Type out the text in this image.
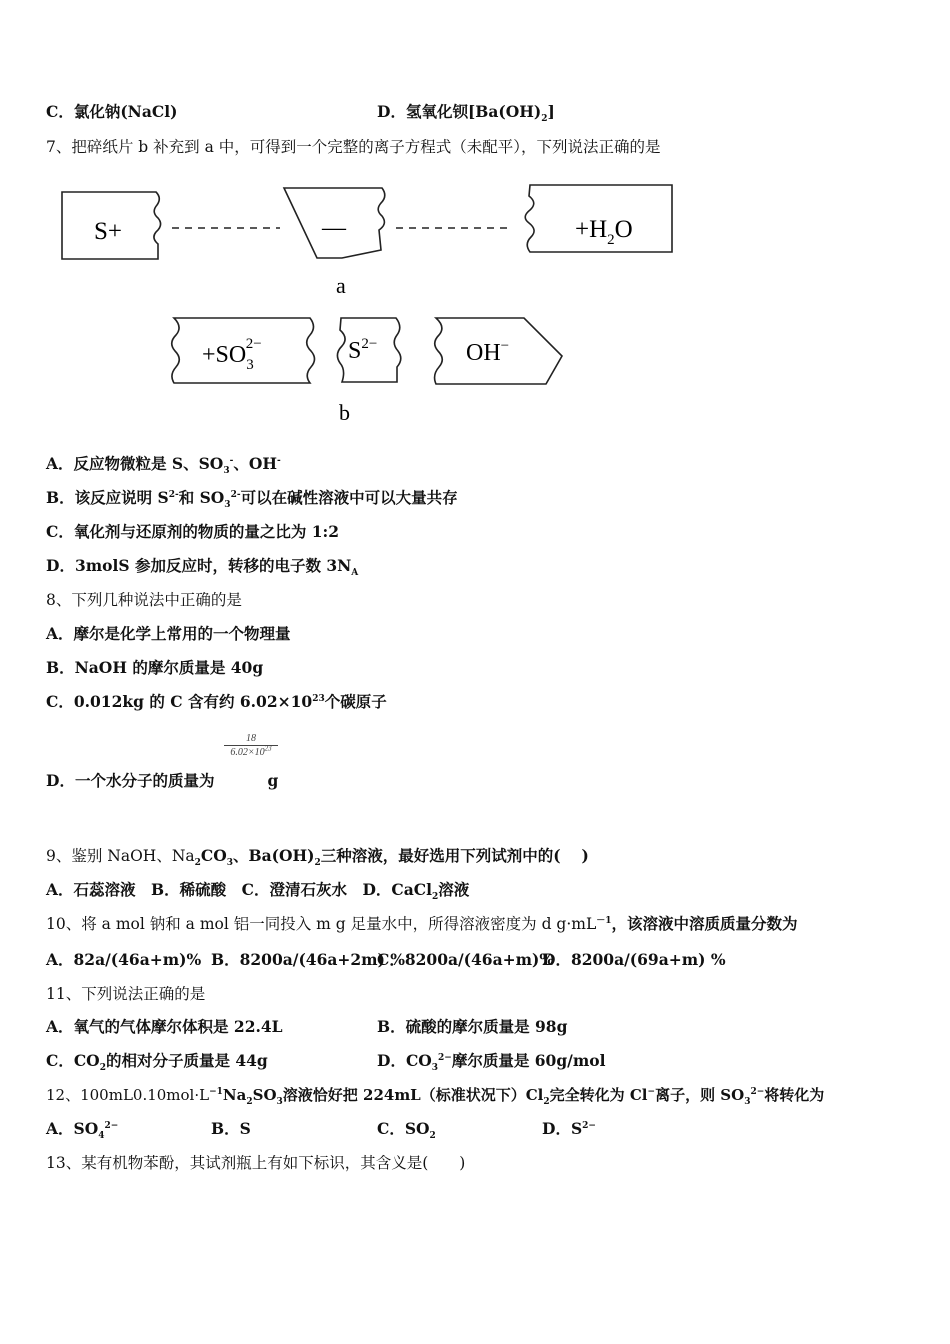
C．氯化钠(NaCl)	D．氢氧化钡$[Ba(OH)_2]$
7、把碎纸片 b 补充到 a 中，可得到一个完整的离子方程式（未配平），下列说法正确的是
S+	—	$+H_2O$
a
$+SO_32-$	$S^{2-}$	OH−
b
A．反应物微粒是 S、$SO_3^-$、OH-
B．该反应说明 $S^{2-}$和 $SO_3^{2-}$可以在碱性溶液中可以大量共存
C．氧化剂与还原剂的物质的量之比为 1:2
D．3molS 参加反应时，转移的电子数 $3N_A$
8、下列几种说法中正确的是
A．摩尔是化学上常用的一个物理量
B．NaOH 的摩尔质量是 40g
C．0.012kg 的 C 含有约 $6.02\times 10^{23}$个碳原子
$\frac{18}{6.02\times 10^{23}}$
D．一个水分子的质量为	g
9、鉴别 NaOH、$Na_2CO_3$、$Ba(OH)_2$三种溶液，最好选用下列试剂中的(　 )
A．石蕊溶液　B．稀硫酸　C．澄清石灰水　D．CaCl$_2$溶液
10、将 a mol 钠和 a mol 铝一同投入 m g 足量水中，所得溶液密度为 d $g\cdot mL^{-1}$，该溶液中溶质质量分数为
A．82a/(46a+m)% B．8200a/(46a+2m) %
C．8200a/(46a+m)%
D．8200a/(69a+m) %
11、下列说法正确的是
A．氧气的气体摩尔体积是 22.4L	B．硫酸的摩尔质量是 98g
C．$CO_2$的相对分子质量是 44g	D．$CO_3^{2-}$摩尔质量是 60g/mol
12、$100mL0.10mol\cdot L^{-1}Na_2SO_3$溶液恰好把 224mL（标准状况下）$Cl_2$完全转化为 Cl−离子，则 $SO_3^{2-}$将转化为
A．$SO_4^{2-}$	B．S	C．$SO_2$	D．$S^{2-}$
13、某有机物苯酚，其试剂瓶上有如下标识，其含义是(　　)
